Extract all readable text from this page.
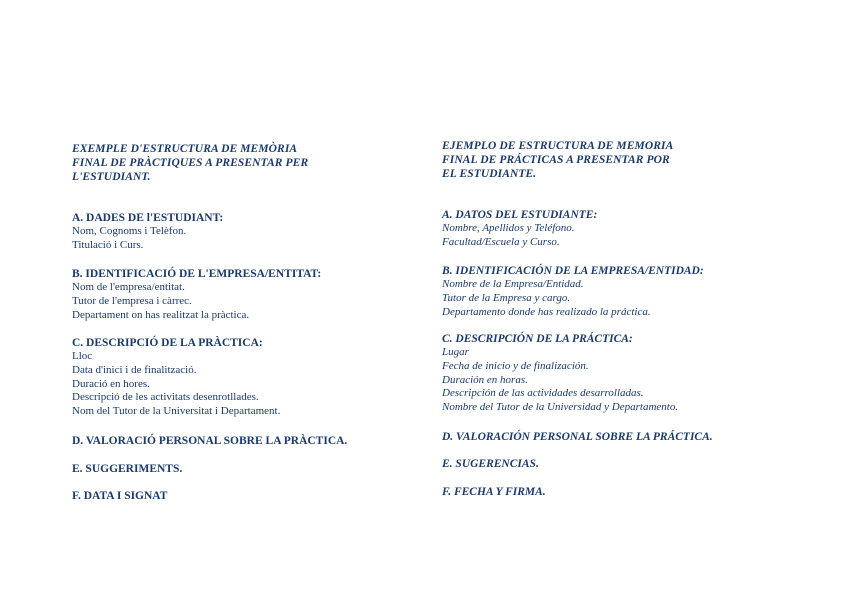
EXEMPLE D'ESTRUCTURA DE MEMÒRIA
FINAL DE PRÀCTIQUES A PRESENTAR PER
L'ESTUDIANT.

A. DADES DE l'ESTUDIANT:

Nom, Cognoms i Telèfon.
Titulació i Curs.

B. IDENTIFICACIÓ DE L'EMPRESA/ENTITAT:

Nom de l'empresa/entitat.
Tutor de l'empresa i càrrec.
Departament on has realitzat la pràctica.

C. DESCRIPCIÓ DE LA PRÀCTICA:

Lloc
Data d'inici i de finalització.
Duració en hores.
Descripció de les activitats desenrotllades.
Nom del Tutor de la Universitat i Departament.

D. VALORACIÓ PERSONAL SOBRE LA PRÀCTICA.

E. SUGGERIMENTS.

F. DATA I SIGNAT

EJEMPLO DE ESTRUCTURA DE MEMORIA
FINAL DE PRÁCTICAS A PRESENTAR POR
EL ESTUDIANTE.

A. DATOS DEL ESTUDIANTE:

Nombre, Apellidos y Teléfono.
Facultad/Escuela y Curso.

B. IDENTIFICACIÓN DE LA EMPRESA/ENTIDAD:

Nombre de la Empresa/Entidad.
Tutor de la Empresa y cargo.
Departamento donde has realizado la práctica.

C. DESCRIPCIÓN DE LA PRÁCTICA:

Lugar
Fecha de inicio y de finalización.
Duración en horas.
Descripción de las actividades desarrolladas.
Nombre del Tutor de la Universidad y Departamento.

D. VALORACIÓN PERSONAL SOBRE LA PRÁCTICA.

E. SUGERENCIAS.

F. FECHA Y FIRMA.
